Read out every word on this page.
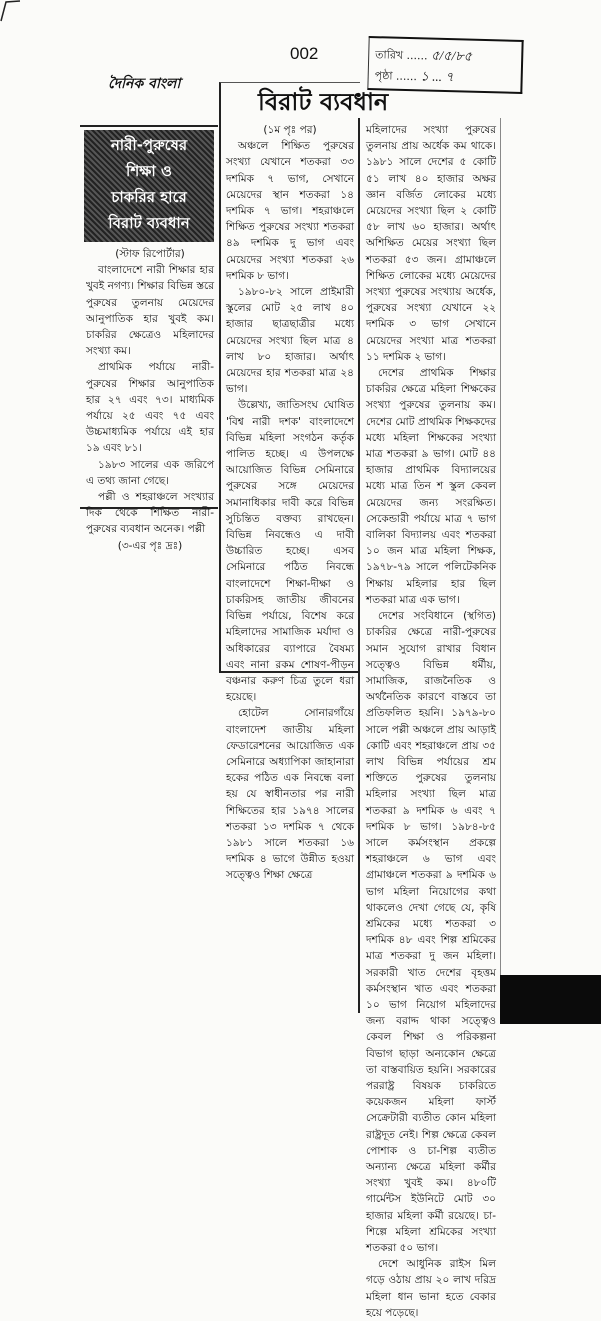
002	তারিখ ...... ৫/৫/৮৫
পৃষ্ঠা ...... ১ ... ৭
দৈনিক বাংলা
নারী-পুরুষের
শিক্ষা ও
চাকরির হারে
বিরাট ব্যবধান

(স্টাফ রিপোর্টার)

বাংলাদেশে নারী শিক্ষার হার খুবই নগণ্য। শিক্ষার বিভিন্ন স্তরে পুরুষের তুলনায় মেয়েদের আনুপাতিক হার খুবই কম। চাকরির ক্ষেত্রেও মহিলাদের সংখ্যা কম।

প্রাথমিক পর্যায়ে নারী-পুরুষের শিক্ষার আনুপাতিক হার ২৭ এবং ৭৩। মাধ্যমিক পর্যায়ে ২৫ এবং ৭৫ এবং উচ্চমাধ্যমিক পর্যায়ে এই হার ১৯ এবং ৮১।

১৯৮৩ সালের এক জরিপে এ তথ্য জানা গেছে।

পল্লী ও শহরাঞ্চলে সংখ্যার দিক থেকে শিক্ষিত নারী-পুরুষের ব্যবধান অনেক। পল্লী

(৩-এর পৃঃ দ্রঃ)

বিরাট ব্যবধান

(১ম পৃঃ পর)

অঞ্চলে শিক্ষিত পুরুষের সংখ্যা যেখানে শতকরা ৩৩ দশমিক ৭ ভাগ, সেখানে মেয়েদের স্থান শতকরা ১৪ দশমিক ৭ ভাগ। শহরাঞ্চলে শিক্ষিত পুরুষের সংখ্যা শতকরা ৪৯ দশমিক দু ভাগ এবং মেয়েদের সংখ্যা শতকরা ২৬ দশমিক ৮ ভাগ।

১৯৮০-৮২ সালে প্রাইমারী স্কুলের মোট ২৫ লাখ ৪০ হাজার ছাত্রছাত্রীর মধ্যে মেয়েদের সংখ্যা ছিল মাত্র ৪ লাখ ৮০ হাজার। অর্থাৎ মেয়েদের হার শতকরা মাত্র ২৪ ভাগ।

উল্লেখ্য, জাতিসংঘ ঘোষিত 'বিশ্ব নারী দশক' বাংলাদেশে বিভিন্ন মহিলা সংগঠন কর্তৃক পালিত হচ্ছে। এ উপলক্ষে আয়োজিত বিভিন্ন সেমিনারে পুরুষের সঙ্গে মেয়েদের সমানাধিকার দাবী করে বিভিন্ন সুচিন্তিত বক্তব্য রাখছেন। বিভিন্ন নিবন্ধেও এ দাবী উচ্চারিত হচ্ছে। এসব সেমিনারে পঠিত নিবন্ধে বাংলাদেশে শিক্ষা-দীক্ষা ও চাকরিসহ জাতীয় জীবনের বিভিন্ন পর্যায়ে, বিশেষ করে মহিলাদের সামাজিক মর্যাদা ও অধিকারের ব্যাপারে বৈষম্য এবং নানা রকম শোষণ-পীড়ন বঞ্চনার করুণ চিত্র তুলে ধরা হয়েছে।

হোটেল সোনারগাঁয়ে বাংলাদেশ জাতীয় মহিলা ফেডারেশনের আয়োজিত এক সেমিনারে অধ্যাপিকা জাহানারা হকের পঠিত এক নিবন্ধে বলা হয় যে স্বাধীনতার পর নারী শিক্ষিতের হার ১৯৭৪ সালের শতকরা ১৩ দশমিক ৭ থেকে ১৯৮১ সালে শতকরা ১৬ দশমিক ৪ ভাগে উন্নীত হওয়া সত্ত্বেও শিক্ষা ক্ষেত্রে

মহিলাদের সংখ্যা পুরুষের তুলনায় প্রায় অর্ধেক কম থাকে। ১৯৮১ সালে দেশের ৫ কোটি ৫১ লাখ ৪০ হাজার অক্ষর জ্ঞান বর্জিত লোকের মধ্যে মেয়েদের সংখ্যা ছিল ২ কোটি ৫৮ লাখ ৬০ হাজার। অর্থাৎ অশিক্ষিত মেয়ের সংখ্যা ছিল শতকরা ৫৩ জন। গ্রামাঞ্চলে শিক্ষিত লোকের মধ্যে মেয়েদের সংখ্যা পুরুষের সংখ্যায় অর্ধেক, পুরুষের সংখ্যা যেখানে ২২ দশমিক ৩ ভাগ সেখানে মেয়েদের সংখ্যা মাত্র শতকরা ১১ দশমিক ২ ভাগ।

দেশের প্রাথমিক শিক্ষার চাকরির ক্ষেত্রে মহিলা শিক্ষকের সংখ্যা পুরুষের তুলনায় কম। দেশের মোট প্রাথমিক শিক্ষকদের মধ্যে মহিলা শিক্ষকের সংখ্যা মাত্র শতকরা ৯ ভাগ। মোট ৪৪ হাজার প্রাথমিক বিদ্যালয়ের মধ্যে মাত্র তিন শ স্কুল কেবল মেয়েদের জন্য সংরক্ষিত। সেকেন্ডারী পর্যায়ে মাত্র ৭ ভাগ বালিকা বিদ্যালয় এবং শতকরা ১০ জন মাত্র মহিলা শিক্ষক, ১৯৭৮-৭৯ সালে পলিটেকনিক শিক্ষায় মহিলার হার ছিল শতকরা মাত্র এক ভাগ।

দেশের সংবিধানে (স্থগিত) চাকরির ক্ষেত্রে নারী-পুরুষের সমান সুযোগ রাখার বিধান সত্ত্বেও বিভিন্ন ধর্মীয়, সামাজিক, রাজনৈতিক ও অর্থনৈতিক কারণে বাস্তবে তা প্রতিফলিত হয়নি। ১৯৭৯-৮০ সালে পল্লী অঞ্চলে প্রায় আড়াই কোটি এবং শহরাঞ্চলে প্রায় ৩৫ লাখ বিভিন্ন পর্যায়ের শ্রম শক্তিতে পুরুষের তুলনায় মহিলার সংখ্যা ছিল মাত্র শতকরা ৯ দশমিক ৬ এবং ৭ দশমিক ৮ ভাগ। ১৯৮৪-৮৫ সালে কর্মসংস্থান প্রকল্পে শহরাঞ্চলে ৬ ভাগ এবং গ্রামাঞ্চলে শতকরা ৯ দশমিক ৬ ভাগ মহিলা নিয়োগের কথা থাকলেও দেখা গেছে যে, কৃষি শ্রমিকের মধ্যে শতকরা ৩ দশমিক ৪৮ এবং শিল্প শ্রমিকের মাত্র শতকরা দু জন মহিলা। সরকারী খাত দেশের বৃহত্তম কর্মসংস্থান খাত এবং শতকরা ১০ ভাগ নিয়োগ মহিলাদের জন্য বরাদ্দ থাকা সত্ত্বেও কেবল শিক্ষা ও পরিকল্পনা বিভাগ ছাড়া অন্যকোন ক্ষেত্রে তা বাস্তবায়িত হয়নি। সরকারের পররাষ্ট্র বিষয়ক চাকরিতে কয়েকজন মহিলা ফার্স্ট সেক্রেটারী ব্যতীত কোন মহিলা রাষ্ট্রদূত নেই। শিল্প ক্ষেত্রে কেবল পোশাক ও চা-শিল্প ব্যতীত অন্যান্য ক্ষেত্রে মহিলা কর্মীর সংখ্যা খুবই কম। ৪৮০টি গার্মেন্টস ইউনিটে মোট ৩০ হাজার মহিলা কর্মী রয়েছে। চা-শিল্পে মহিলা শ্রমিকের সংখ্যা শতকরা ৫০ ভাগ।

দেশে আধুনিক রাইস মিল গড়ে ওঠায় প্রায় ২০ লাখ দরিদ্র মহিলা ধান ভানা হতে বেকার হয়ে পড়েছে।
